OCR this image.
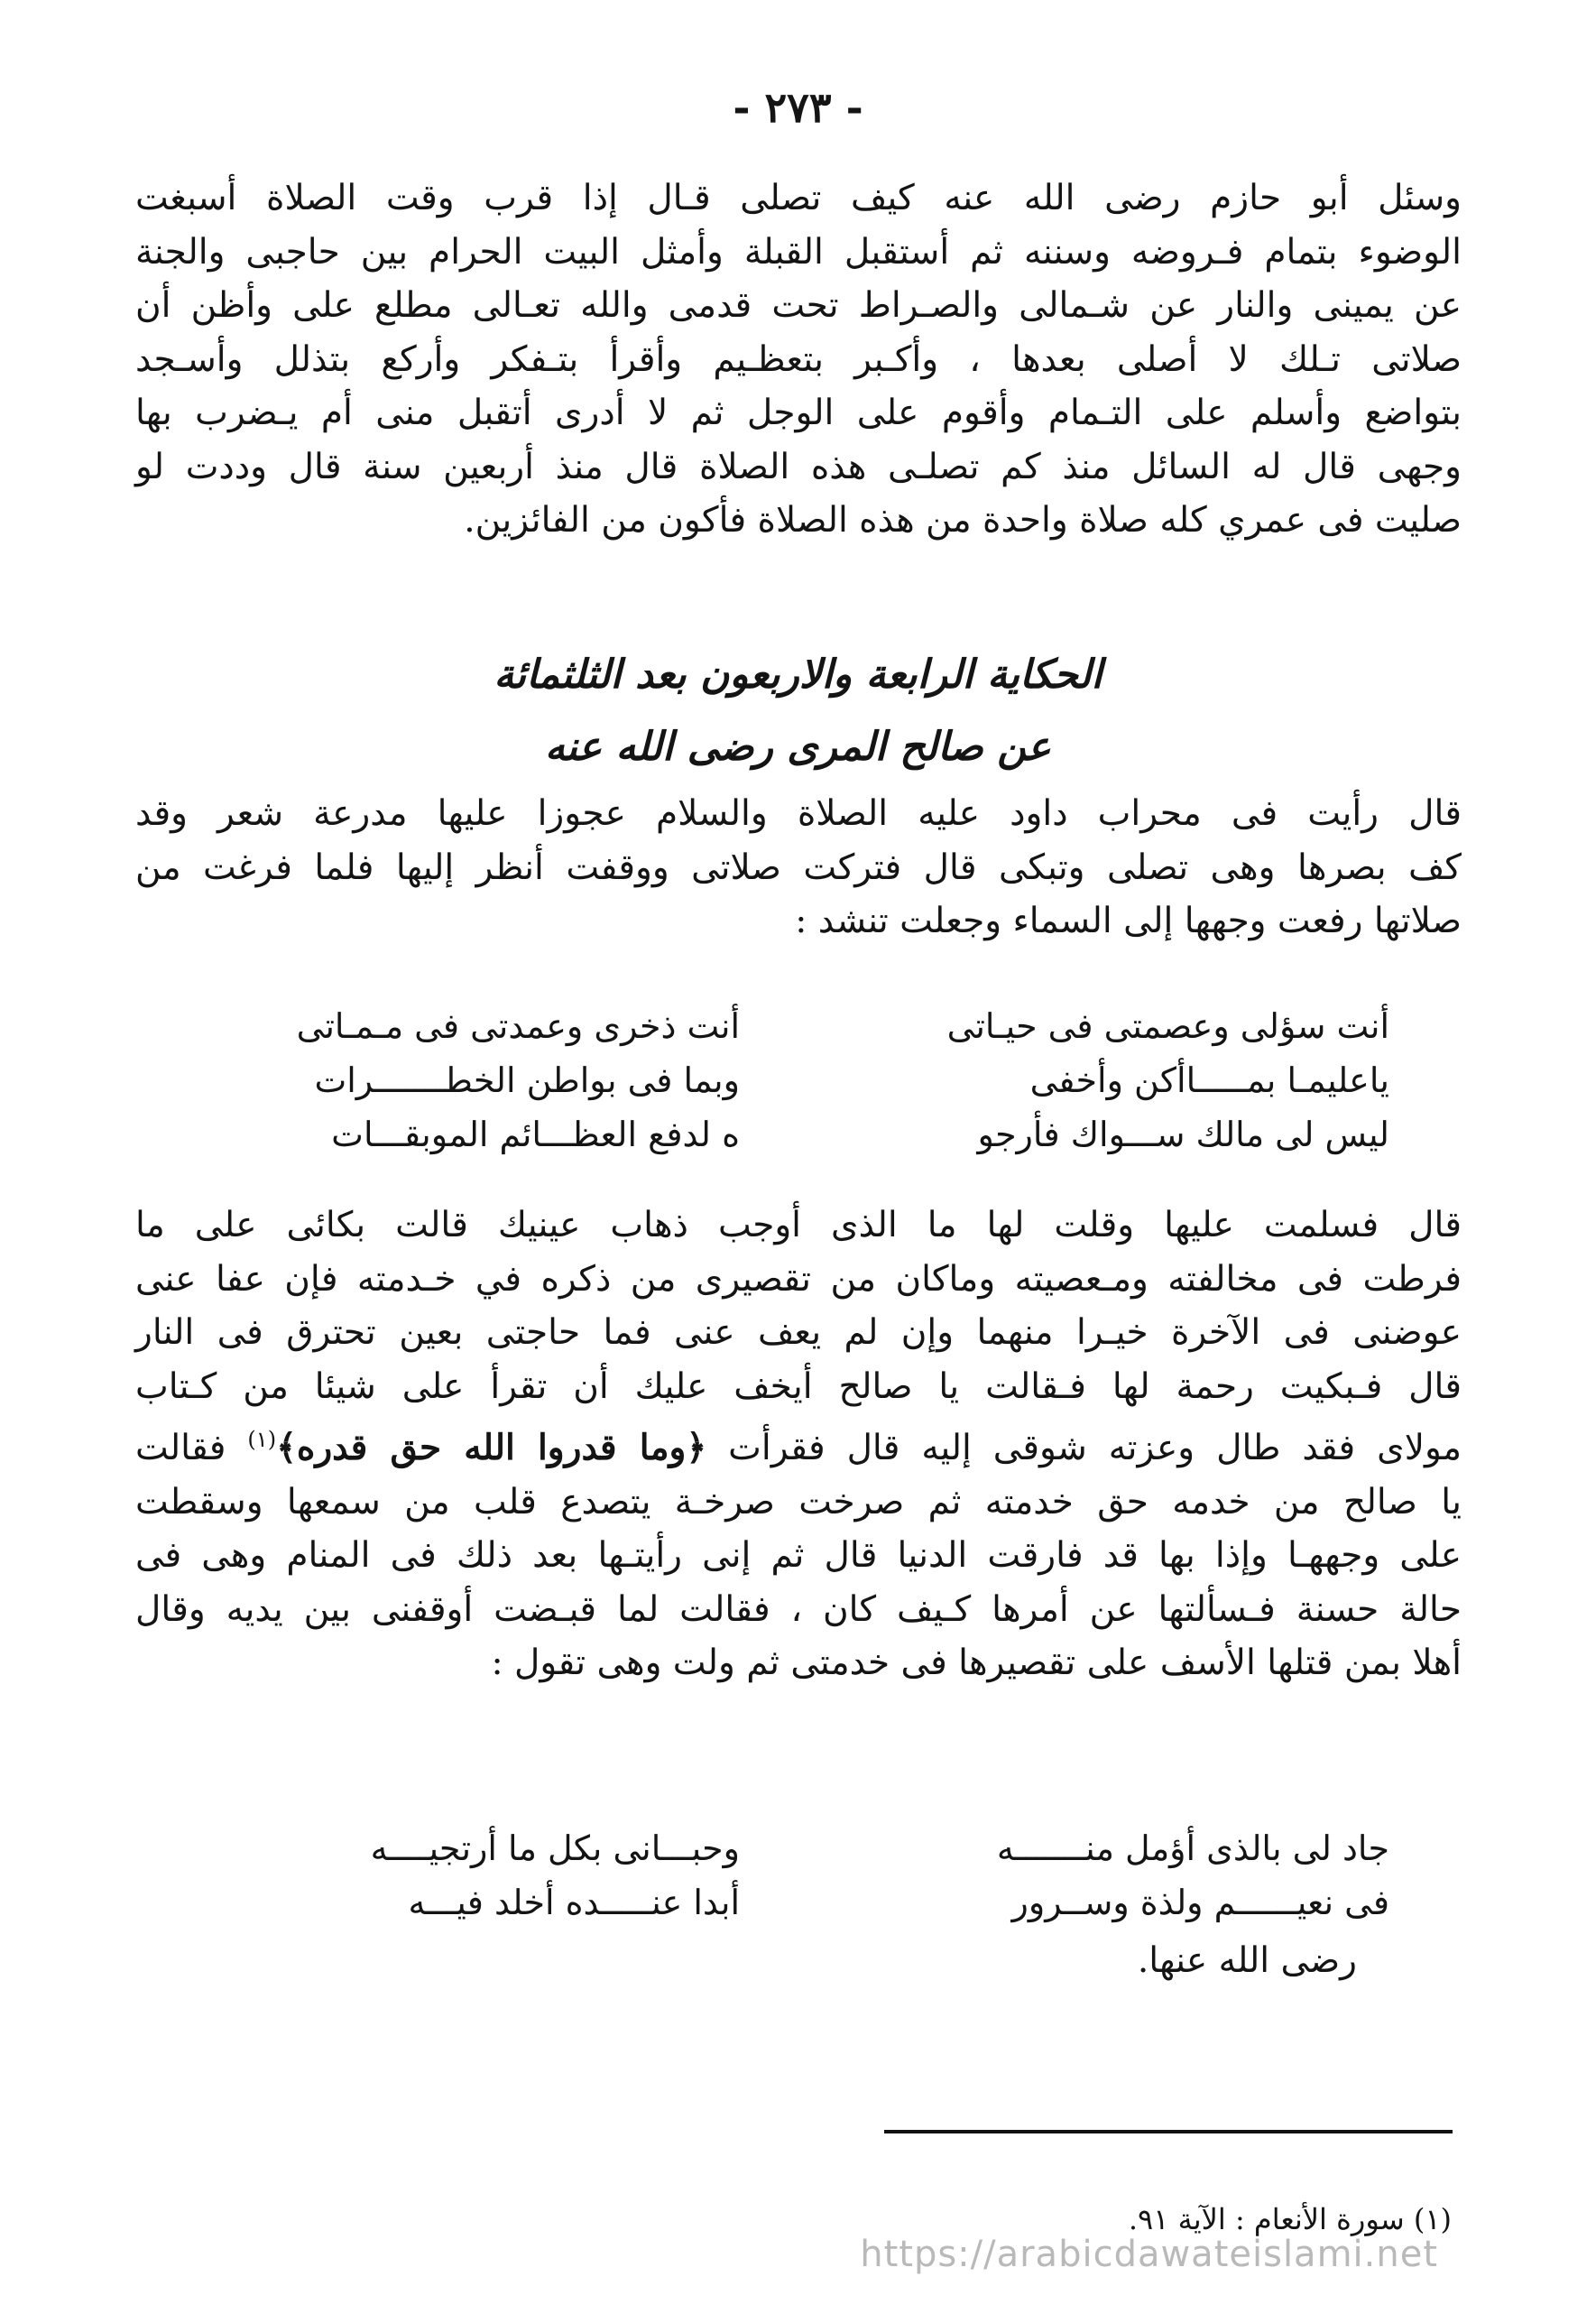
- ٢٧٣ -
وسئل أبو حازم رضى الله عنه كيف تصلى قـال إذا قرب وقت الصلاة أسبغت
الوضوء بتمام فـروضه وسننه ثم أستقبل القبلة وأمثل البيت الحرام بين حاجبى والجنة
عن يمينى والنار عن شـمالى والصـراط تحت قدمى والله تعـالى مطلع على وأظن أن
صلاتى تـلك لا أصلى بعدها ، وأكـبر بتعظـيم وأقرأ بتـفكر وأركع بتذلل وأسـجد
بتواضع وأسلم على التـمام وأقوم على الوجل ثم لا أدرى أتقبل منى أم يـضرب بها
وجهى قال له السائل منذ كم تصلـى هذه الصلاة قال منذ أربعين سنة قال وددت لو
صليت فى عمري كله صلاة واحدة من هذه الصلاة فأكون من الفائزين.
الحكاية الرابعة والاربعون بعد الثلثمائة
عن صالح المرى رضى الله عنه
قال رأيت فى محراب داود عليه الصلاة والسلام عجوزا عليها مدرعة شعر وقد
كف بصرها وهى تصلى وتبكى قال فتركت صلاتى ووقفت أنظر إليها فلما فرغت من
صلاتها رفعت وجهها إلى السماء وجعلت تنشد :
أنت سؤلى وعصمتى فى حيـاتى
أنت ذخرى وعمدتى فى مـمـاتى
ياعليمـا بمـــــاأكن وأخفى
وبما فى بواطن الخطـــــــرات
ليس لى مالك ســـواك فأرجو
ه لدفع العظـــائم الموبقـــات
قال فسلمت عليها وقلت لها ما الذى أوجب ذهاب عينيك قالت بكائى على ما
فرطت فى مخالفته ومـعصيته وماكان من تقصيرى من ذكره في خـدمته فإن عفا عنى
عوضنى فى الآخرة خيـرا منهما وإن لم يعف عنى فما حاجتى بعين تحترق فى النار
قال فـبكيت رحمة لها فـقالت يا صالح أيخف عليك أن تقرأ على شيئا من كـتاب
مولاى فقد طال وعزته شوقى إليه قال فقرأت ﴿وما قدروا الله حق قدره﴾$^{(١)}$ فقالت
يا صالح من خدمه حق خدمته ثم صرخت صرخـة يتصدع قلب من سمعها وسقطت
على وجههـا وإذا بها قد فارقت الدنيا قال ثم إنى رأيتـها بعد ذلك فى المنام وهى فى
حالة حسنة فـسألتها عن أمرها كـيف كان ، فقالت لما قبـضت أوقفنى بين يديه وقال
أهلا بمن قتلها الأسف على تقصيرها فى خدمتى ثم ولت وهى تقول :
جاد لى بالذى أؤمل منـــــــه
وحبـــانى بكل ما أرتجيــــه
فى نعيــــــم ولذة وســرور
أبدا عنـــــده أخلد فيـــه
رضى الله عنها.
(١) سورة الأنعام : الآية ٩١.
https://arabicdawateislami.net
